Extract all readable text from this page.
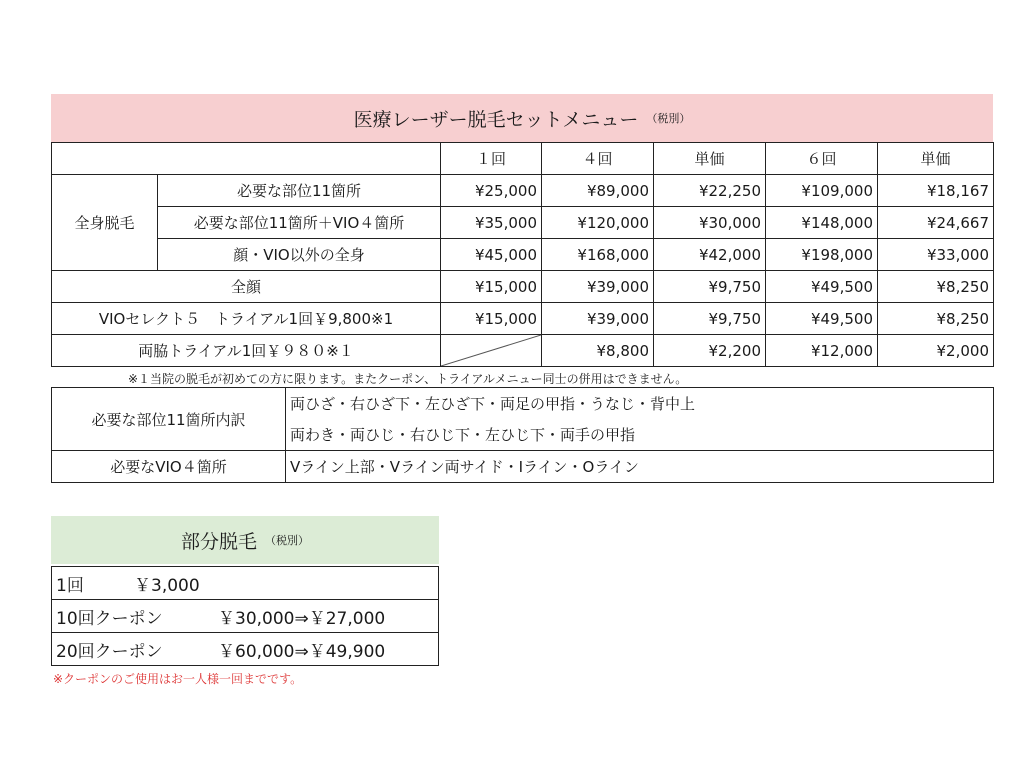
医療レーザー脱毛セットメニュー （税別）
		１回	４回	単価	６回	単価
全身脱毛	必要な部位11箇所	¥25,000	¥89,000	¥22,250	¥109,000	¥18,167
	必要な部位11箇所＋VIO４箇所	¥35,000	¥120,000	¥30,000	¥148,000	¥24,667
	顔・VIO以外の全身	¥45,000	¥168,000	¥42,000	¥198,000	¥33,000
全顔		¥15,000	¥39,000	¥9,750	¥49,500	¥8,250
VIOセレクト５　トライアル1回￥9,800※1		¥15,000	¥39,000	¥9,750	¥49,500	¥8,250
両脇トライアル1回￥９８０※１			¥8,800	¥2,200	¥12,000	¥2,000
※１当院の脱毛が初めての方に限ります。またクーポン、トライアルメニュー同士の併用はできません。
必要な部位11箇所内訳	両ひざ・右ひざ下・左ひざ下・両足の甲指・うなじ・背中上
	両わき・両ひじ・右ひじ下・左ひじ下・両手の甲指
必要なVIO４箇所	Vライン上部・Vライン両サイド・Iライン・Oライン
部分脱毛 （税別）
1回	￥3,000
10回クーポン	￥30,000⇒￥27,000
20回クーポン	￥60,000⇒￥49,900
※クーポンのご使用はお一人様一回までです。
